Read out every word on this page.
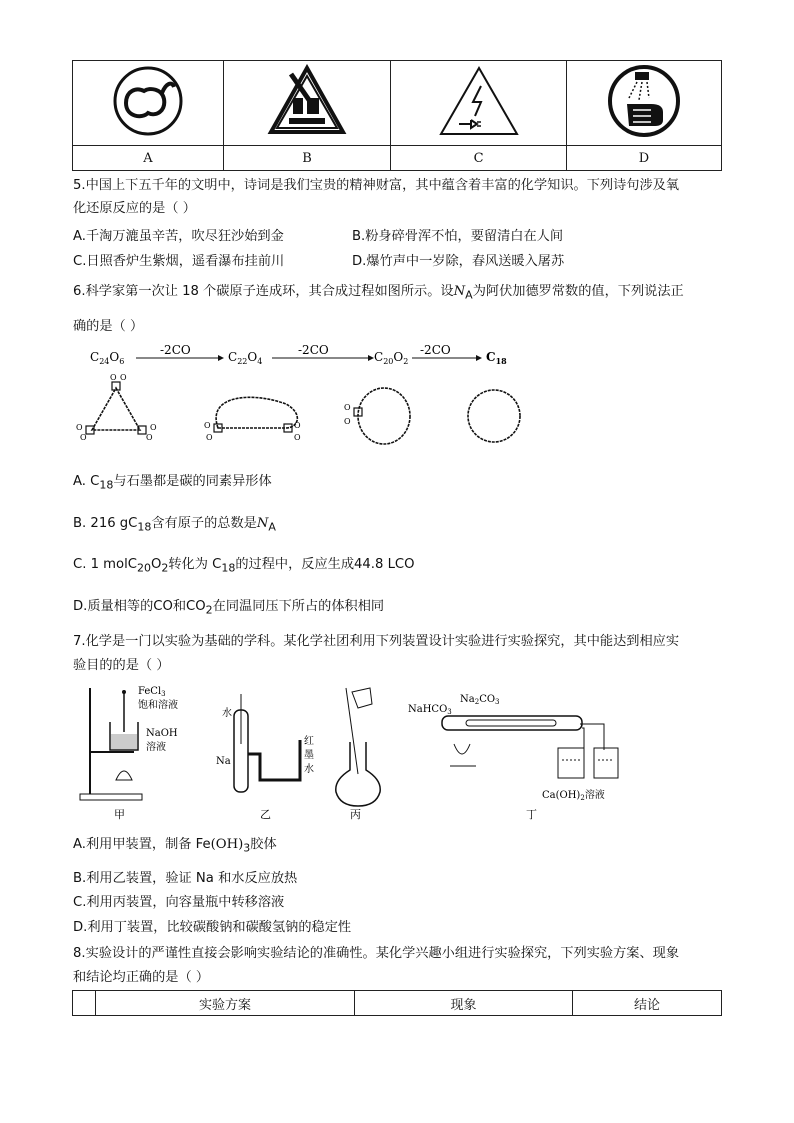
A	B	C	D
5.中国上下五千年的文明中，诗词是我们宝贵的精神财富，其中蕴含着丰富的化学知识。下列诗句涉及氧
化还原反应的是（ ）
A.千淘万漉虽辛苦，吹尽狂沙始到金	B.粉身碎骨浑不怕，要留清白在人间
C.日照香炉生紫烟，遥看瀑布挂前川	D.爆竹声中一岁除，春风送暖入屠苏
6.科学家第一次让 18 个碳原子连成环，其合成过程如图所示。设$N_A$为阿伏加德罗常数的值，下列说法正
确的是（ ）
$C_{24}O_6$
-2CO	$C_{22}O_4$
-2CO	$C_{20}O_2$
-2CO	$C_{18}$
O O
O
O
O
O
O
O
O
O
O
O
A. $C_{18}$与石墨都是碳的同素异形体
B. 216 $gC_{18}$含有原子的总数是$N_A$
C. 1 $molC_{20}O_2$转化为 $C_{18}$的过程中，反应生成44.8 LCO
D.质量相等的CO和$CO_2$在同温同压下所占的体积相同
7.化学是一门以实验为基础的学科。某化学社团利用下列装置设计实验进行实验探究，其中能达到相应实
验目的的是（ ）
FeCl$_3$
饱和溶液
NaOH
溶液
甲
水
Na
红
墨
水
乙	丙
NaHCO$_3$
$Na_2CO_3$
$Ca(OH)_2$溶液
丁
A.利用甲装置，制备 $Fe(OH)_3$胶体
B.利用乙装置，验证 Na 和水反应放热
C.利用丙装置，向容量瓶中转移溶液
D.利用丁装置，比较碳酸钠和碳酸氢钠的稳定性
8.实验设计的严谨性直接会影响实验结论的准确性。某化学兴趣小组进行实验探究，下列实验方案、现象
和结论均正确的是（ ）
	实验方案	现象	结论
